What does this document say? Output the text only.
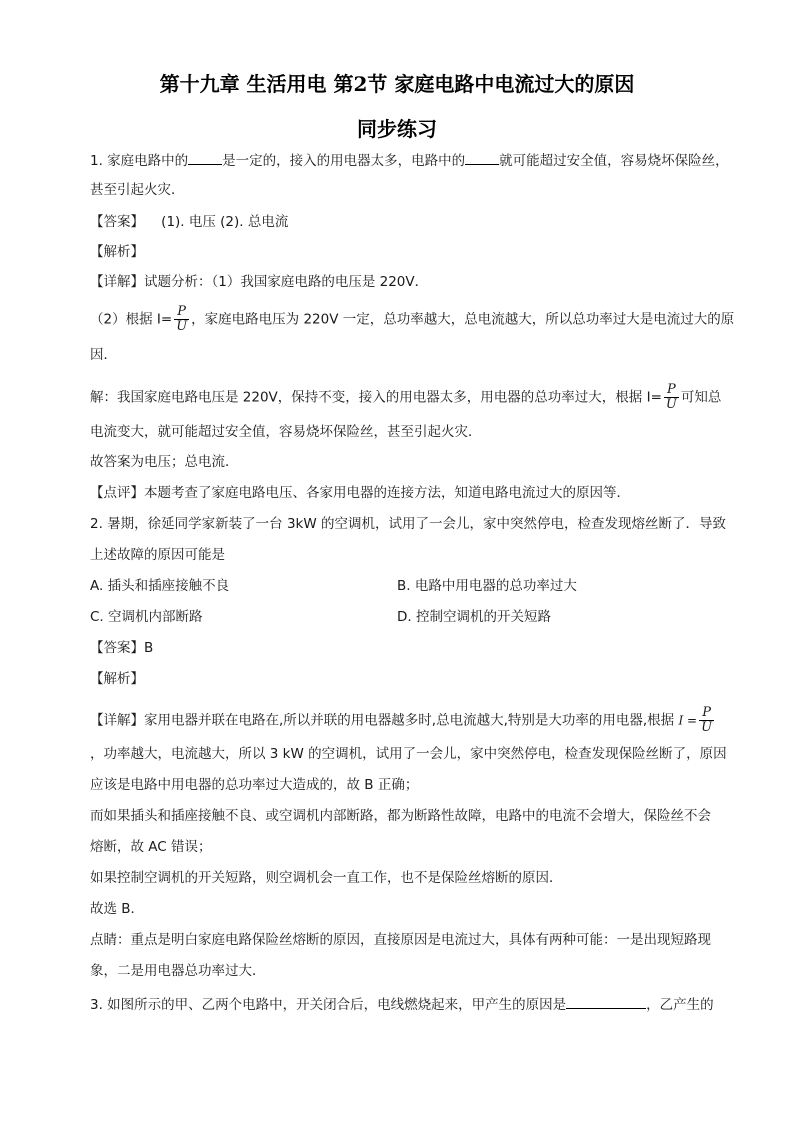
第十九章 生活用电 第2节 家庭电路中电流过大的原因
同步练习
1. 家庭电路中的	是一定的，接入的用电器太多，电路中的	就可能超过安全值，容易烧坏保险丝，
甚至引起火灾．
【答案】 (1). 电压 (2). 总电流
【解析】
【详解】试题分析：（1）我国家庭电路的电压是 220V．
（2）根据 $I= \frac{P}{U}$ ，家庭电路电压为 220V 一定，总功率越大，总电流越大，所以总功率过大是电流过大的原
因．
解：我国家庭电路电压是 220V，保持不变，接入的用电器太多，用电器的总功率过大，根据 $I= \frac{P}{U}$ 可知总
电流变大，就可能超过安全值，容易烧坏保险丝，甚至引起火灾．
故答案为电压；总电流．
【点评】本题考查了家庭电路电压、各家用电器的连接方法，知道电路电流过大的原因等．
2. 暑期，徐延同学家新装了一台 3kW 的空调机，试用了一会儿，家中突然停电，检查发现熔丝断了．导致
上述故障的原因可能是
A. 插头和插座接触不良	B. 电路中用电器的总功率过大
C. 空调机内部断路	D. 控制空调机的开关短路
【答案】B
【解析】
【详解】家用电器并联在电路在,所以并联的用电器越多时,总电流越大,特别是大功率的用电器,根据 $I = \frac{P}{U}$
，功率越大，电流越大，所以 3 kW 的空调机，试用了一会儿，家中突然停电，检查发现保险丝断了，原因
应该是电路中用电器的总功率过大造成的，故 B 正确；
而如果插头和插座接触不良、或空调机内部断路，都为断路性故障，电路中的电流不会增大，保险丝不会
熔断，故 AC 错误；
如果控制空调机的开关短路，则空调机会一直工作，也不是保险丝熔断的原因．
故选 B．
点睛：重点是明白家庭电路保险丝熔断的原因，直接原因是电流过大，具体有两种可能：一是出现短路现
象，二是用电器总功率过大．
3. 如图所示的甲、乙两个电路中，开关闭合后，电线燃烧起来，甲产生的原因是	，乙产生的
